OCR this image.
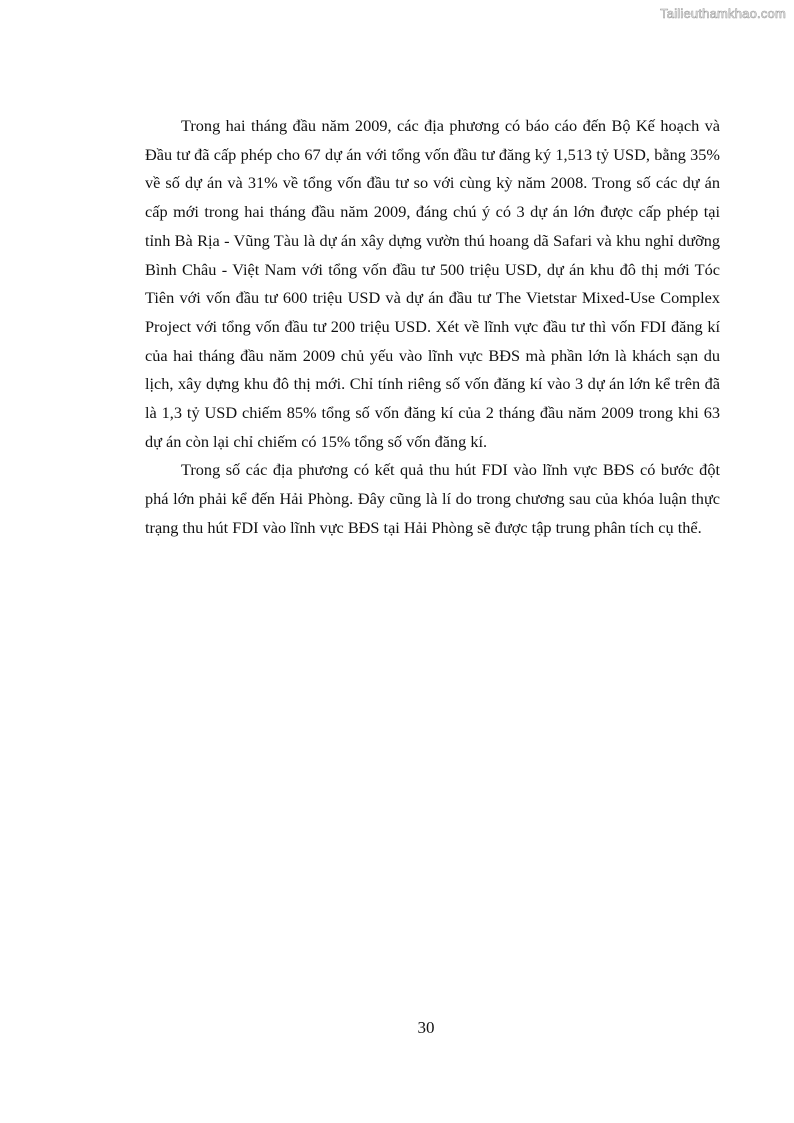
Tailieuthamkhao.com

Trong hai tháng đầu năm 2009, các địa phương có báo cáo đến Bộ Kế hoạch và Đầu tư đã cấp phép cho 67 dự án với tổng vốn đầu tư đăng ký 1,513 tỷ USD, bằng 35% về số dự án và 31% về tổng vốn đầu tư so với cùng kỳ năm 2008. Trong số các dự án cấp mới trong hai tháng đầu năm 2009, đáng chú ý có 3 dự án lớn được cấp phép tại tỉnh Bà Rịa - Vũng Tàu là dự án xây dựng vườn thú hoang dã Safari và khu nghỉ dưỡng Bình Châu - Việt Nam với tổng vốn đầu tư 500 triệu USD, dự án khu đô thị mới Tóc Tiên với vốn đầu tư 600 triệu USD và dự án đầu tư The Vietstar Mixed-Use Complex Project với tổng vốn đầu tư 200 triệu USD. Xét về lĩnh vực đầu tư thì vốn FDI đăng kí của hai tháng đầu năm 2009 chủ yếu vào lĩnh vực BĐS mà phần lớn là khách sạn du lịch, xây dựng khu đô thị mới. Chỉ tính riêng số vốn đăng kí vào 3 dự án lớn kể trên đã là 1,3 tỷ USD chiếm 85% tổng số vốn đăng kí của 2 tháng đầu năm 2009 trong khi 63 dự án còn lại chỉ chiếm có 15% tổng số vốn đăng kí.

Trong số các địa phương có kết quả thu hút FDI vào lĩnh vực BĐS có bước đột phá lớn phải kể đến Hải Phòng. Đây cũng là lí do trong chương sau của khóa luận thực trạng thu hút FDI vào lĩnh vực BĐS tại Hải Phòng sẽ được tập trung phân tích cụ thể.

30
